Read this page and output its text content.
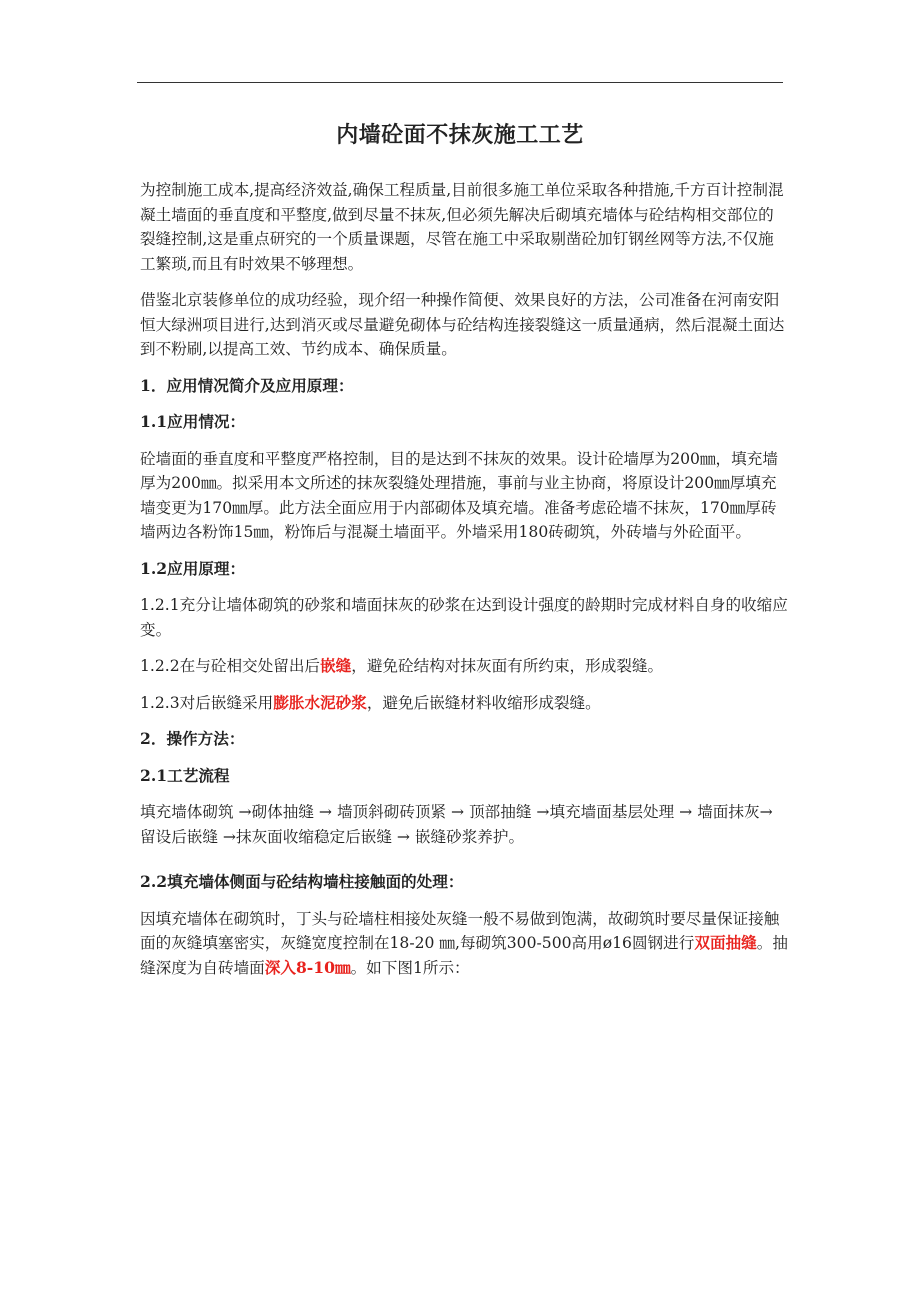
内墙砼面不抹灰施工工艺

为控制施工成本,提高经济效益,确保工程质量,目前很多施工单位采取各种措施,千方百计控制混凝土墙面的垂直度和平整度,做到尽量不抹灰,但必须先解决后砌填充墙体与砼结构相交部位的裂缝控制,这是重点研究的一个质量课题，尽管在施工中采取剔凿砼加钉钢丝网等方法,不仅施工繁琐,而且有时效果不够理想。

借鉴北京装修单位的成功经验，现介绍一种操作简便、效果良好的方法，公司准备在河南安阳恒大绿洲项目进行,达到消灭或尽量避免砌体与砼结构连接裂缝这一质量通病，然后混凝土面达到不粉刷,以提高工效、节约成本、确保质量。

1．应用情况简介及应用原理：

1.1应用情况：

砼墙面的垂直度和平整度严格控制，目的是达到不抹灰的效果。设计砼墙厚为200㎜，填充墙厚为200㎜。拟采用本文所述的抹灰裂缝处理措施，事前与业主协商，将原设计200㎜厚填充墙变更为170㎜厚。此方法全面应用于内部砌体及填充墙。准备考虑砼墙不抹灰，170㎜厚砖墙两边各粉饰15㎜，粉饰后与混凝土墙面平。外墙采用180砖砌筑，外砖墙与外砼面平。

1.2应用原理：

1.2.1充分让墙体砌筑的砂浆和墙面抹灰的砂浆在达到设计强度的龄期时完成材料自身的收缩应变。

1.2.2在与砼相交处留出后嵌缝，避免砼结构对抹灰面有所约束，形成裂缝。

1.2.3对后嵌缝采用膨胀水泥砂浆，避免后嵌缝材料收缩形成裂缝。

2．操作方法：

2.1工艺流程

填充墙体砌筑 →砌体抽缝 → 墙顶斜砌砖顶紧 → 顶部抽缝 →填充墙面基层处理 → 墙面抹灰→ 留设后嵌缝 →抹灰面收缩稳定后嵌缝 → 嵌缝砂浆养护。

2.2填充墙体侧面与砼结构墙柱接触面的处理：

因填充墙体在砌筑时，丁头与砼墙柱相接处灰缝一般不易做到饱满，故砌筑时要尽量保证接触面的灰缝填塞密实，灰缝宽度控制在18-20 ㎜,每砌筑300-500高用ø16圆钢进行双面抽缝。抽缝深度为自砖墙面深入8-10㎜。如下图1所示：
